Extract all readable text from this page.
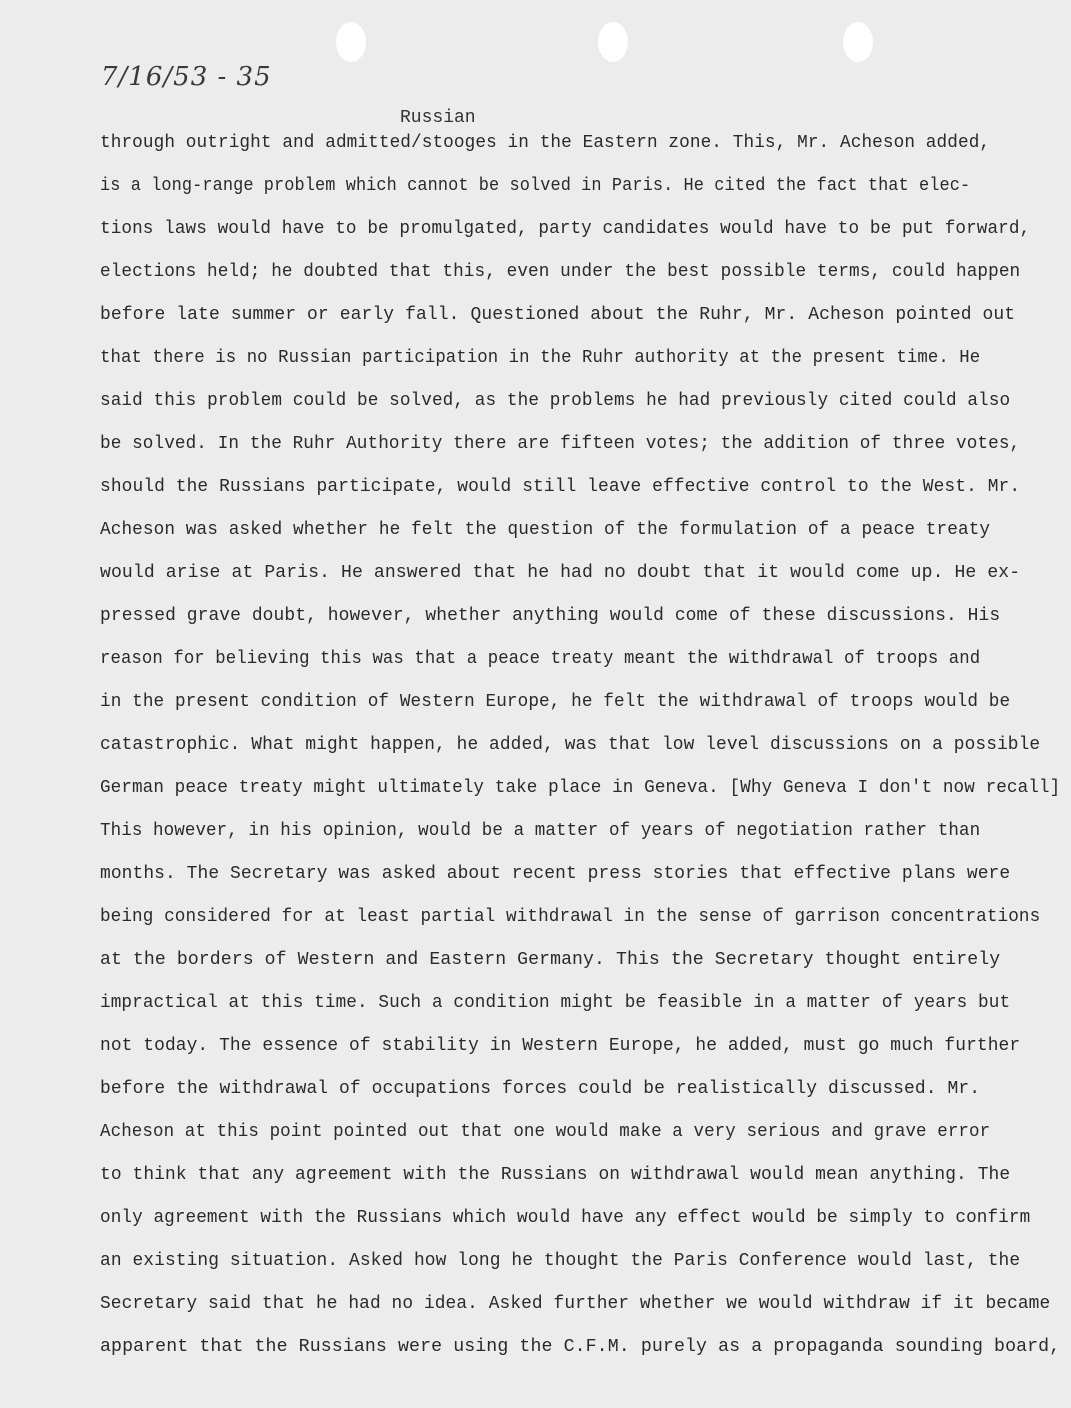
7/16/53 - 35
Russian
through outright and admitted/stooges in the Eastern zone. This, Mr. Acheson added,
is a long-range problem which cannot be solved in Paris. He cited the fact that elec-
tions laws would have to be promulgated, party candidates would have to be put forward,
elections held; he doubted that this, even under the best possible terms, could happen
before late summer or early fall. Questioned about the Ruhr, Mr. Acheson pointed out
that there is no Russian participation in the Ruhr authority at the present time. He
said this problem could be solved, as the problems he had previously cited could also
be solved. In the Ruhr Authority there are fifteen votes; the addition of three votes,
should the Russians participate, would still leave effective control to the West. Mr.
Acheson was asked whether he felt the question of the formulation of a peace treaty
would arise at Paris. He answered that he had no doubt that it would come up. He ex-
pressed grave doubt, however, whether anything would come of these discussions. His
reason for believing this was that a peace treaty meant the withdrawal of troops and
in the present condition of Western Europe, he felt the withdrawal of troops would be
catastrophic. What might happen, he added, was that low level discussions on a possible
German peace treaty might ultimately take place in Geneva. [Why Geneva I don't now recall]
This however, in his opinion, would be a matter of years of negotiation rather than
months. The Secretary was asked about recent press stories that effective plans were
being considered for at least partial withdrawal in the sense of garrison concentrations
at the borders of Western and Eastern Germany. This the Secretary thought entirely
impractical at this time. Such a condition might be feasible in a matter of years but
not today. The essence of stability in Western Europe, he added, must go much further
before the withdrawal of occupations forces could be realistically discussed. Mr.
Acheson at this point pointed out that one would make a very serious and grave error
to think that any agreement with the Russians on withdrawal would mean anything. The
only agreement with the Russians which would have any effect would be simply to confirm
an existing situation. Asked how long he thought the Paris Conference would last, the
Secretary said that he had no idea. Asked further whether we would withdraw if it became
apparent that the Russians were using the C.F.M. purely as a propaganda sounding board,
